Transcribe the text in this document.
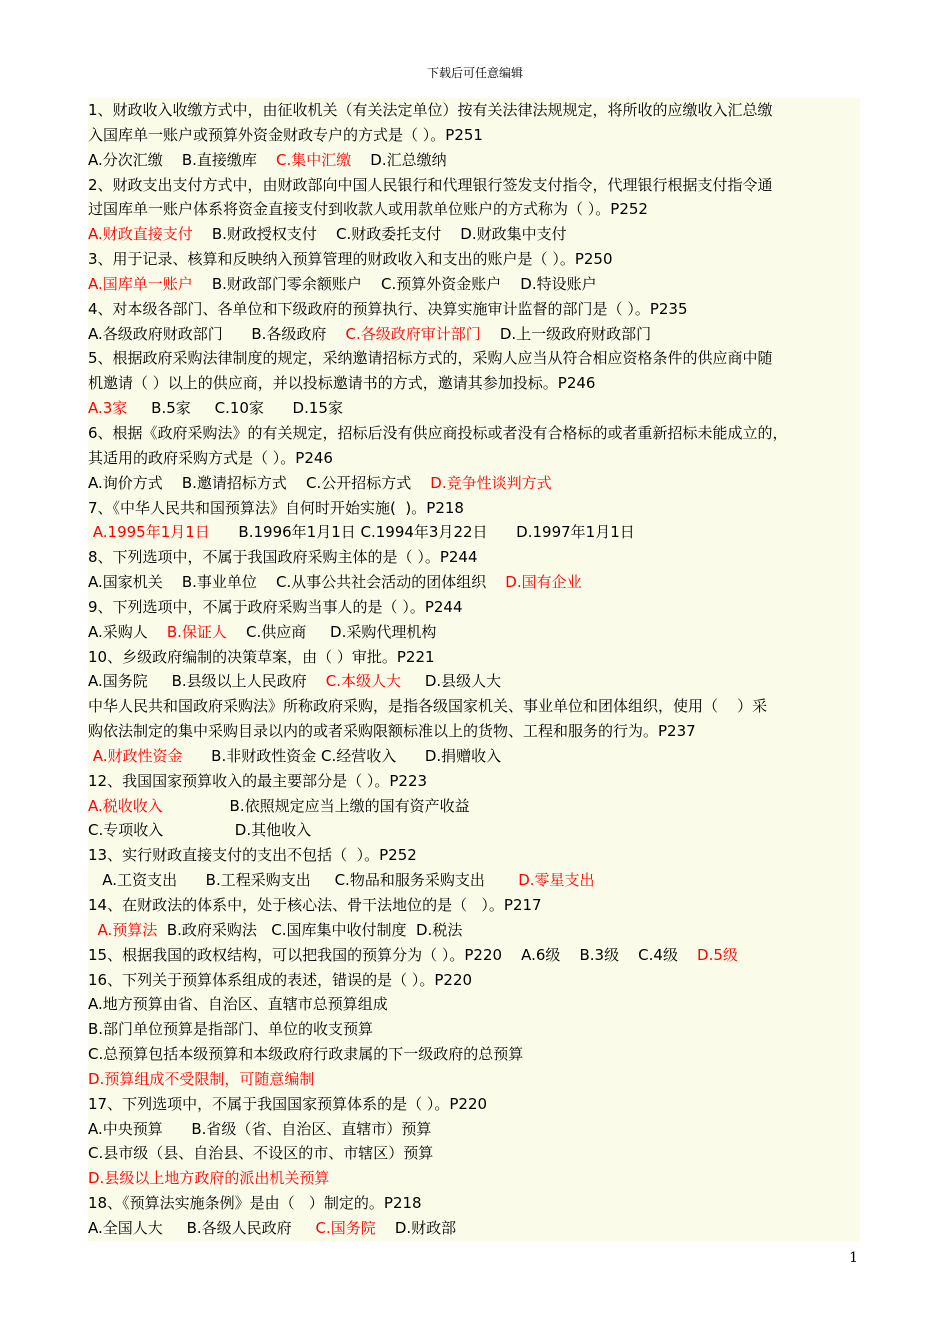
下载后可任意编辑
1、财政收入收缴方式中，由征收机关（有关法定单位）按有关法律法规规定，将所收的应缴收入汇总缴
入国库单一账户或预算外资金财政专户的方式是（ ）。P251
A.分次汇缴    B.直接缴库    C.集中汇缴    D.汇总缴纳
2、财政支出支付方式中，由财政部向中国人民银行和代理银行签发支付指令，代理银行根据支付指令通
过国库单一账户体系将资金直接支付到收款人或用款单位账户的方式称为（ ）。P252
A.财政直接支付    B.财政授权支付    C.财政委托支付    D.财政集中支付
3、用于记录、核算和反映纳入预算管理的财政收入和支出的账户是（ ）。P250
A.国库单一账户    B.财政部门零余额账户    C.预算外资金账户    D.特设账户
4、对本级各部门、各单位和下级政府的预算执行、决算实施审计监督的部门是（ ）。P235
A.各级政府财政部门      B.各级政府    C.各级政府审计部门    D.上一级政府财政部门
5、根据政府采购法律制度的规定，采纳邀请招标方式的，采购人应当从符合相应资格条件的供应商中随
机邀请（ ）以上的供应商，并以投标邀请书的方式，邀请其参加投标。P246
A.3家     B.5家     C.10家      D.15家
6、根据《政府采购法》的有关规定，招标后没有供应商投标或者没有合格标的或者重新招标未能成立的，
其适用的政府采购方式是（ ）。P246
A.询价方式    B.邀请招标方式    C.公开招标方式    D.竞争性谈判方式
7、《中华人民共和国预算法》自何时开始实施(  )。P218
A.1995年1月1日      B.1996年1月1日 C.1994年3月22日      D.1997年1月1日
8、下列选项中，不属于我国政府采购主体的是（ ）。P244
A.国家机关    B.事业单位    C.从事公共社会活动的团体组织    D.国有企业
9、下列选项中，不属于政府采购当事人的是（ ）。P244
A.采购人    B.保证人    C.供应商     D.采购代理机构
10、乡级政府编制的决策草案，由（ ）审批。P221
A.国务院     B.县级以上人民政府    C.本级人大     D.县级人大
中华人民共和国政府采购法》所称政府采购，是指各级国家机关、事业单位和团体组织，使用（    ）采
购依法制定的集中采购目录以内的或者采购限额标准以上的货物、工程和服务的行为。P237
A.财政性资金      B.非财政性资金 C.经营收入      D.捐赠收入
12、我国国家预算收入的最主要部分是（ ）。P223
A.税收收入              B.依照规定应当上缴的国有资产收益
C.专项收入               D.其他收入
13、实行财政直接支付的支出不包括（  ）。P252
A.工资支出      B.工程采购支出     C.物品和服务采购支出       D.零星支出
14、在财政法的体系中，处于核心法、骨干法地位的是（   ）。P217
A.预算法  B.政府采购法   C.国库集中收付制度  D.税法
15、根据我国的政权结构，可以把我国的预算分为（ ）。P220    A.6级    B.3级    C.4级    D.5级
16、下列关于预算体系组成的表述，错误的是（ ）。P220
A.地方预算由省、自治区、直辖市总预算组成
B.部门单位预算是指部门、单位的收支预算
C.总预算包括本级预算和本级政府行政隶属的下一级政府的总预算
D.预算组成不受限制，可随意编制
17、下列选项中，不属于我国国家预算体系的是（ ）。P220
A.中央预算      B.省级（省、自治区、直辖市）预算
C.县市级（县、自治县、不设区的市、市辖区）预算
D.县级以上地方政府的派出机关预算
18、《预算法实施条例》是由（   ）制定的。P218
A.全国人大     B.各级人民政府     C.国务院    D.财政部
1
